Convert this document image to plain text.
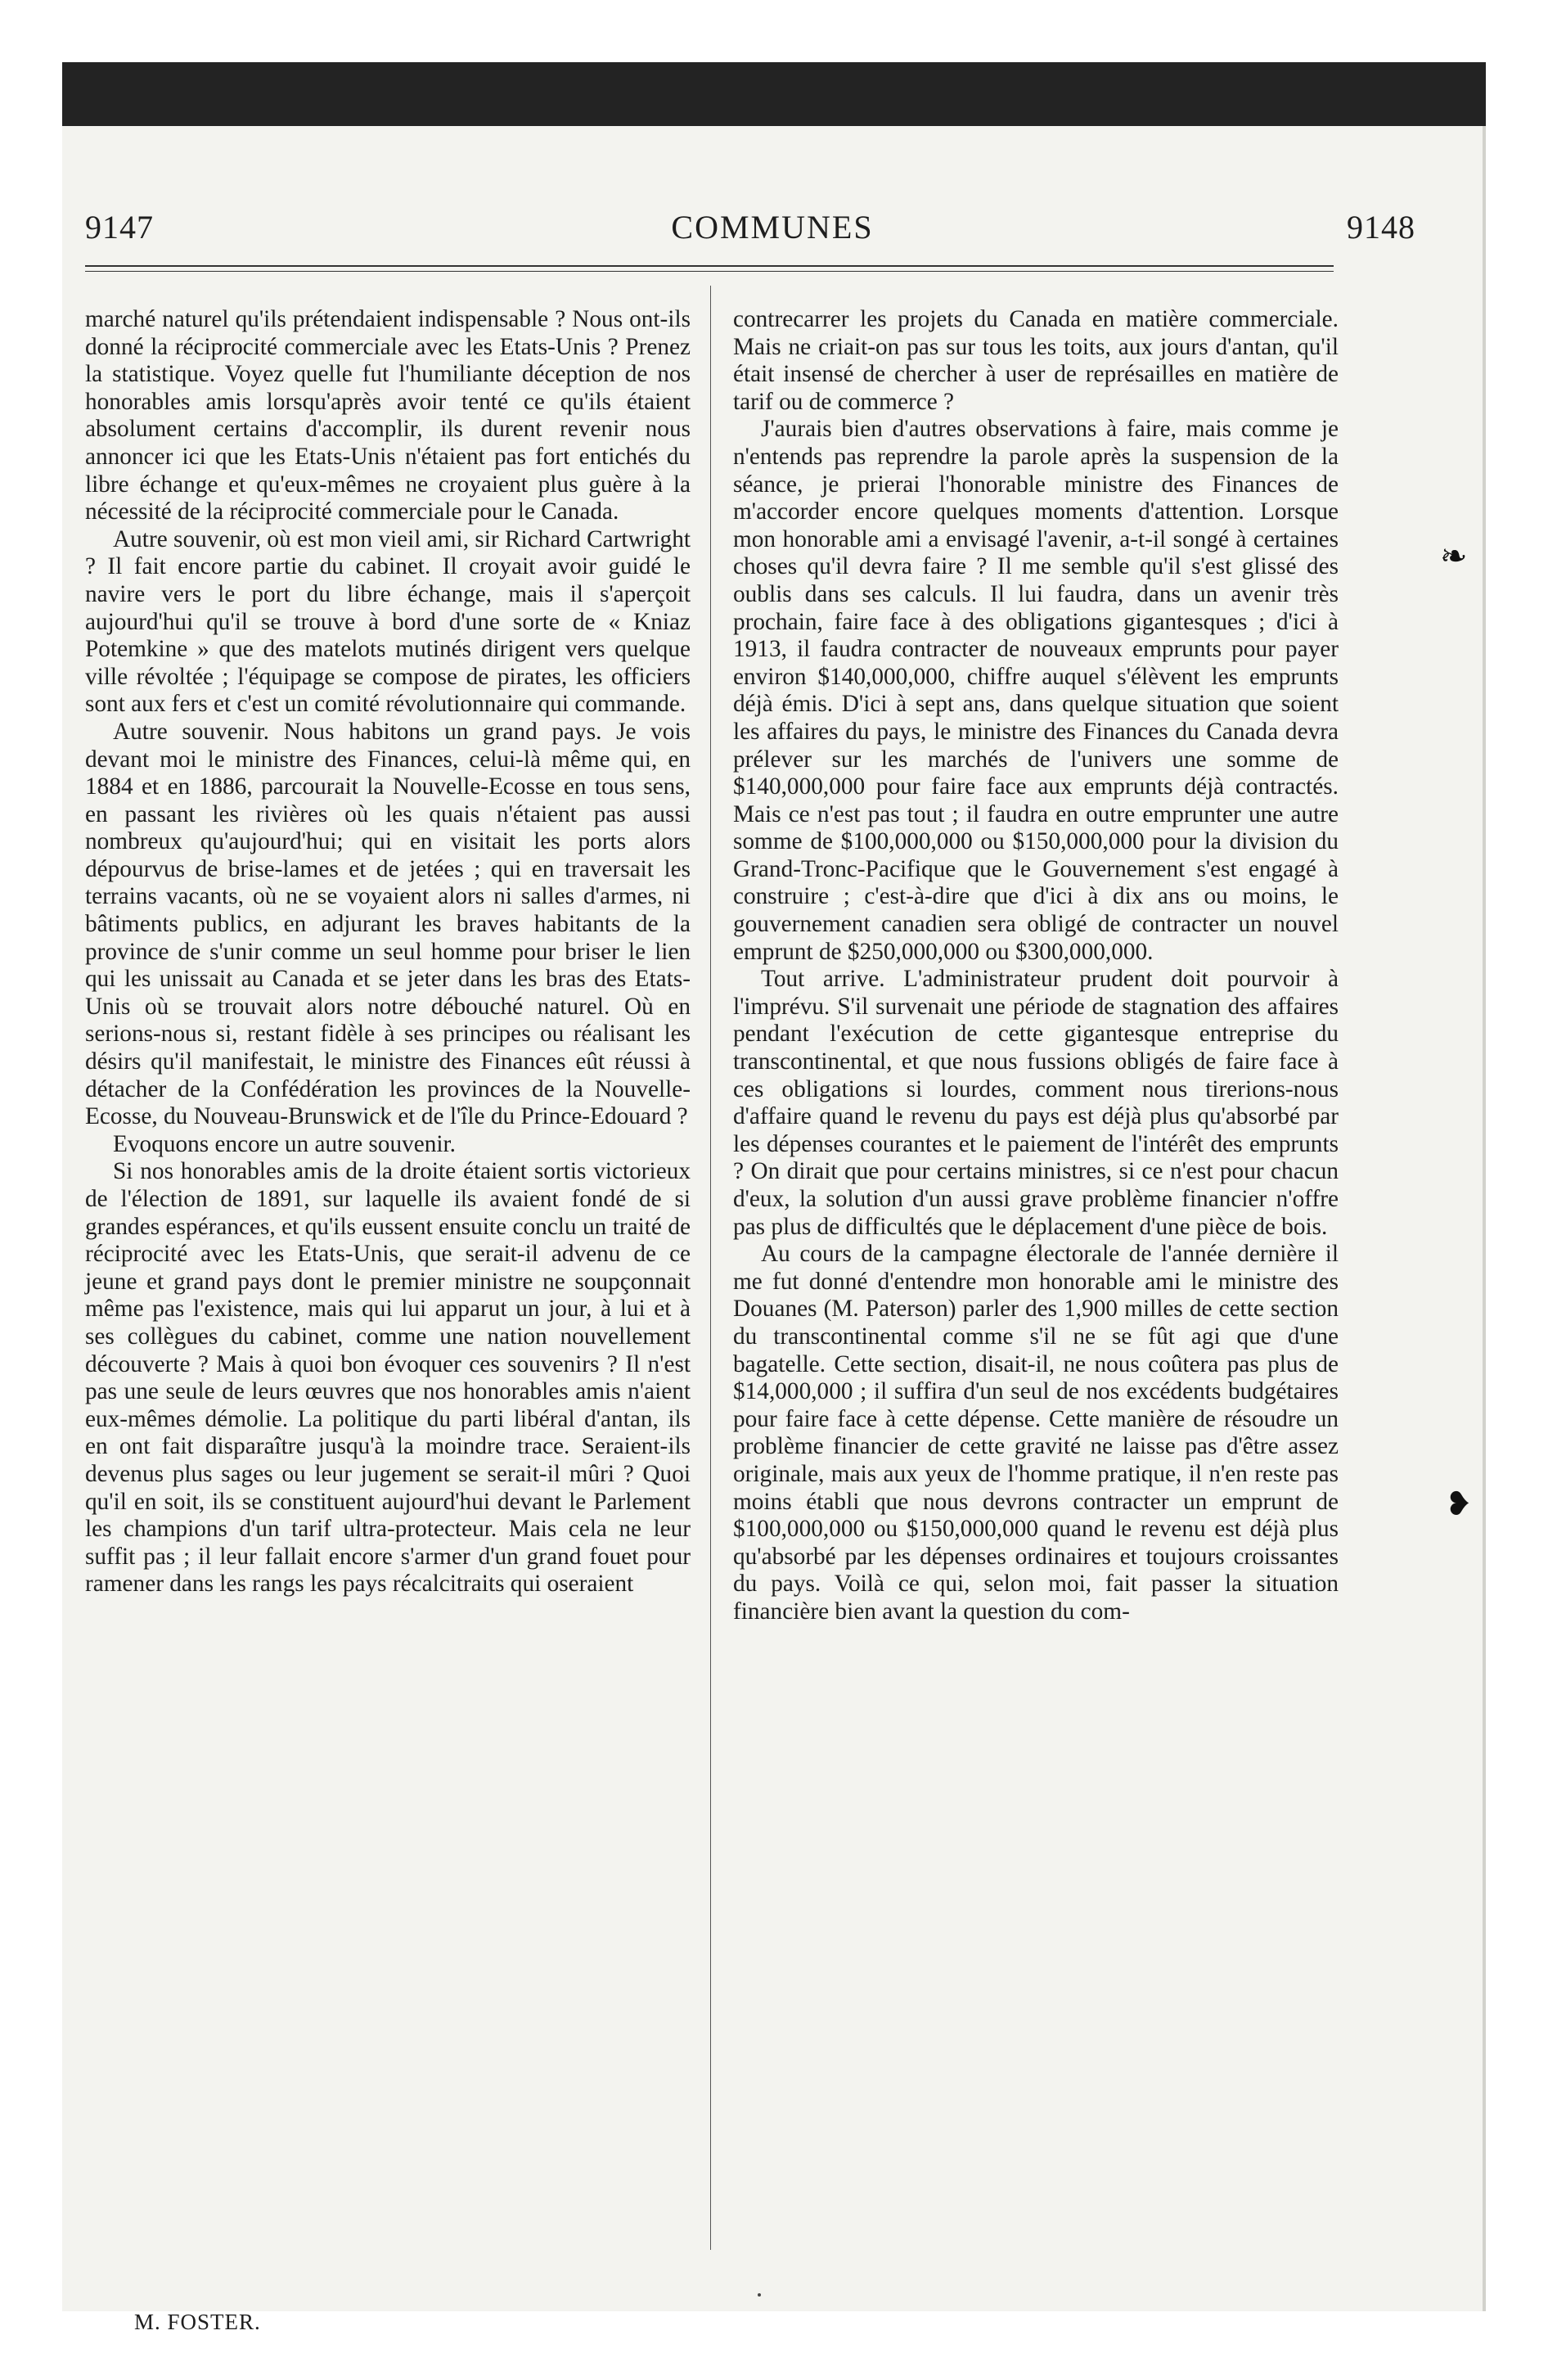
9147	COMMUNES	9148

marché naturel qu'ils prétendaient indispensable ? Nous ont-ils donné la réciprocité commerciale avec les Etats-Unis ? Prenez la statistique. Voyez quelle fut l'humiliante déception de nos honorables amis lorsqu'après avoir tenté ce qu'ils étaient absolument certains d'accomplir, ils durent revenir nous annoncer ici que les Etats-Unis n'étaient pas fort entichés du libre échange et qu'eux-mêmes ne croyaient plus guère à la nécessité de la réciprocité commerciale pour le Canada.

Autre souvenir, où est mon vieil ami, sir Richard Cartwright ? Il fait encore partie du cabinet. Il croyait avoir guidé le navire vers le port du libre échange, mais il s'aperçoit aujourd'hui qu'il se trouve à bord d'une sorte de « Kniaz Potemkine » que des matelots mutinés dirigent vers quelque ville révoltée ; l'équipage se compose de pirates, les officiers sont aux fers et c'est un comité révolutionnaire qui commande.

Autre souvenir. Nous habitons un grand pays. Je vois devant moi le ministre des Finances, celui-là même qui, en 1884 et en 1886, parcourait la Nouvelle-Ecosse en tous sens, en passant les rivières où les quais n'étaient pas aussi nombreux qu'aujourd'hui; qui en visitait les ports alors dépourvus de brise-lames et de jetées ; qui en traversait les terrains vacants, où ne se voyaient alors ni salles d'armes, ni bâtiments publics, en adjurant les braves habitants de la province de s'unir comme un seul homme pour briser le lien qui les unissait au Canada et se jeter dans les bras des Etats-Unis où se trouvait alors notre débouché naturel. Où en serions-nous si, restant fidèle à ses principes ou réalisant les désirs qu'il manifestait, le ministre des Finances eût réussi à détacher de la Confédération les provinces de la Nouvelle-Ecosse, du Nouveau-Brunswick et de l'île du Prince-Edouard ?

Evoquons encore un autre souvenir.

Si nos honorables amis de la droite étaient sortis victorieux de l'élection de 1891, sur laquelle ils avaient fondé de si grandes espérances, et qu'ils eussent ensuite conclu un traité de réciprocité avec les Etats-Unis, que serait-il advenu de ce jeune et grand pays dont le premier ministre ne soupçonnait même pas l'existence, mais qui lui apparut un jour, à lui et à ses collègues du cabinet, comme une nation nouvellement découverte ? Mais à quoi bon évoquer ces souvenirs ? Il n'est pas une seule de leurs œuvres que nos honorables amis n'aient eux-mêmes démolie. La politique du parti libéral d'antan, ils en ont fait disparaître jusqu'à la moindre trace. Seraient-ils devenus plus sages ou leur jugement se serait-il mûri ? Quoi qu'il en soit, ils se constituent aujourd'hui devant le Parlement les champions d'un tarif ultra-protecteur. Mais cela ne leur suffit pas ; il leur fallait encore s'armer d'un grand fouet pour ramener dans les rangs les pays récalcitraits qui oseraient

contrecarrer les projets du Canada en matière commerciale. Mais ne criait-on pas sur tous les toits, aux jours d'antan, qu'il était insensé de chercher à user de représailles en matière de tarif ou de commerce ?

J'aurais bien d'autres observations à faire, mais comme je n'entends pas reprendre la parole après la suspension de la séance, je prierai l'honorable ministre des Finances de m'accorder encore quelques moments d'attention. Lorsque mon honorable ami a envisagé l'avenir, a-t-il songé à certaines choses qu'il devra faire ? Il me semble qu'il s'est glissé des oublis dans ses calculs. Il lui faudra, dans un avenir très prochain, faire face à des obligations gigantesques ; d'ici à 1913, il faudra contracter de nouveaux emprunts pour payer environ $140,000,000, chiffre auquel s'élèvent les emprunts déjà émis. D'ici à sept ans, dans quelque situation que soient les affaires du pays, le ministre des Finances du Canada devra prélever sur les marchés de l'univers une somme de $140,000,000 pour faire face aux emprunts déjà contractés. Mais ce n'est pas tout ; il faudra en outre emprunter une autre somme de $100,000,000 ou $150,000,000 pour la division du Grand-Tronc-Pacifique que le Gouvernement s'est engagé à construire ; c'est-à-dire que d'ici à dix ans ou moins, le gouvernement canadien sera obligé de contracter un nouvel emprunt de $250,000,000 ou $300,000,000.

Tout arrive. L'administrateur prudent doit pourvoir à l'imprévu. S'il survenait une période de stagnation des affaires pendant l'exécution de cette gigantesque entreprise du transcontinental, et que nous fussions obligés de faire face à ces obligations si lourdes, comment nous tirerions-nous d'affaire quand le revenu du pays est déjà plus qu'absorbé par les dépenses courantes et le paiement de l'intérêt des emprunts ? On dirait que pour certains ministres, si ce n'est pour chacun d'eux, la solution d'un aussi grave problème financier n'offre pas plus de difficultés que le déplacement d'une pièce de bois.

Au cours de la campagne électorale de l'année dernière il me fut donné d'entendre mon honorable ami le ministre des Douanes (M. Paterson) parler des 1,900 milles de cette section du transcontinental comme s'il ne se fût agi que d'une bagatelle. Cette section, disait-il, ne nous coûtera pas plus de $14,000,000 ; il suffira d'un seul de nos excédents budgétaires pour faire face à cette dépense. Cette manière de résoudre un problème financier de cette gravité ne laisse pas d'être assez originale, mais aux yeux de l'homme pratique, il n'en reste pas moins établi que nous devrons contracter un emprunt de $100,000,000 ou $150,000,000 quand le revenu est déjà plus qu'absorbé par les dépenses ordinaires et toujours croissantes du pays. Voilà ce qui, selon moi, fait passer la situation financière bien avant la question du com-

M. FOSTER.
❧
❥
